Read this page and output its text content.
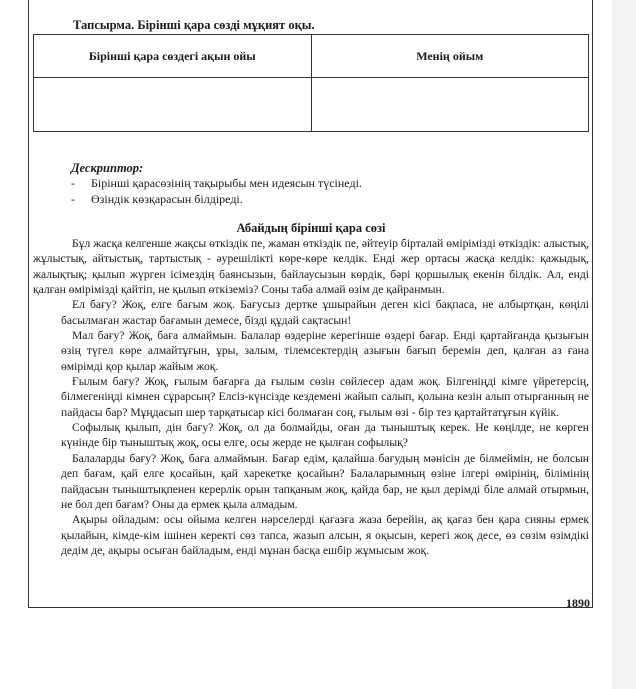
Тапсырма. Бірінші қара сөзді мұқият оқы.
Бірінші қара сөздегі ақын ойы	Менің ойым

Дескриптор:
- Бірінші қарасөзінің тақырыбы мен идеясын түсінеді.
- Өзіндік көзқарасын білдіреді.
Абайдың бірінші қара сөзі

Бұл жасқа келгенше жақсы өткіздік пе, жаман өткіздік пе, әйтеуір бірталай өмірімізді өткіздік: алыстық, жұлыстық, айтыстық, тартыстық - әурешілікті көре-көре келдік. Енді жер ортасы жасқа келдік: қажыдық, жалықтық; қылып жүрген ісімездің баянсызын, байлаусызын көрдік, бәрі қоршылық екенін білдік. Ал, енді қалған өмірімізді қайтіп, не қылып өткіземіз? Соны таба алмай өзім де қайранмын.

Ел бағу? Жоқ, елге бағым жоқ. Бағусыз дертке ұшырайын деген кісі бақпаса, не албыртқан, көңілі басылмаған жастар бағамын демесе, бізді құдай сақтасын!

Мал бағу? Жоқ, бағa алмаймын. Балалар өздеріне керегінше өздері бағар. Енді қартайғанда қызығын өзің түгел көре алмайтұғын, ұры, залым, тілемсектердің азығын бағып беремін деп, қалған аз ғана өмірімді қор қылар жайым жоқ.

Ғылым бағу? Жоқ, ғылым бағарға да ғылым сөзін сөйлесер адам жоқ. Білгеніңді кімге үйретерсің, білмегеніңді кімнен сұрарсың? Елсіз-күнсізде кездемені жайып салып, қолына кезін алып отырғанның не пайдасы бар? Мұңдасып шер тарқатысар кісі болмаған соң, ғылым өзі - бір тез қартайтатұғын күйік.

Софылық қылып, дін бағу? Жоқ, ол да болмайды, оған да тыныштық керек. Не көңілде, не көрген күнінде бір тыныштық жоқ, осы елге, осы жерде не қылған софылық?

Балаларды бағу? Жоқ, бағa алмаймын. Бағар едім, қалайша бағудың мәнісін де білмеймін, не болсын деп бағам, қай елге қосайын, қай харекетке қосайын? Балаларымның өзіне ілгері өмірінің, білімінің пайдасын тыныштықпенен керерлік орын тапқаным жоқ, қайда бар, не қыл дерімді біле алмай отырмын, не бол деп бағам? Оны да ермек қыла алмадым.

Ақыры ойладым: осы ойыма келген нәрселерді қағазға жаза берейін, ақ қағаз бен қара сияны ермек қылайын, кімде-кім ішінен керекті сөз тапса, жазып алсын, я оқысын, керегі жоқ десе, өз сөзім өзімдікі дедім де, ақыры осыған байладым, енді мұнан басқа ешбір жұмысым жоқ.

1890
